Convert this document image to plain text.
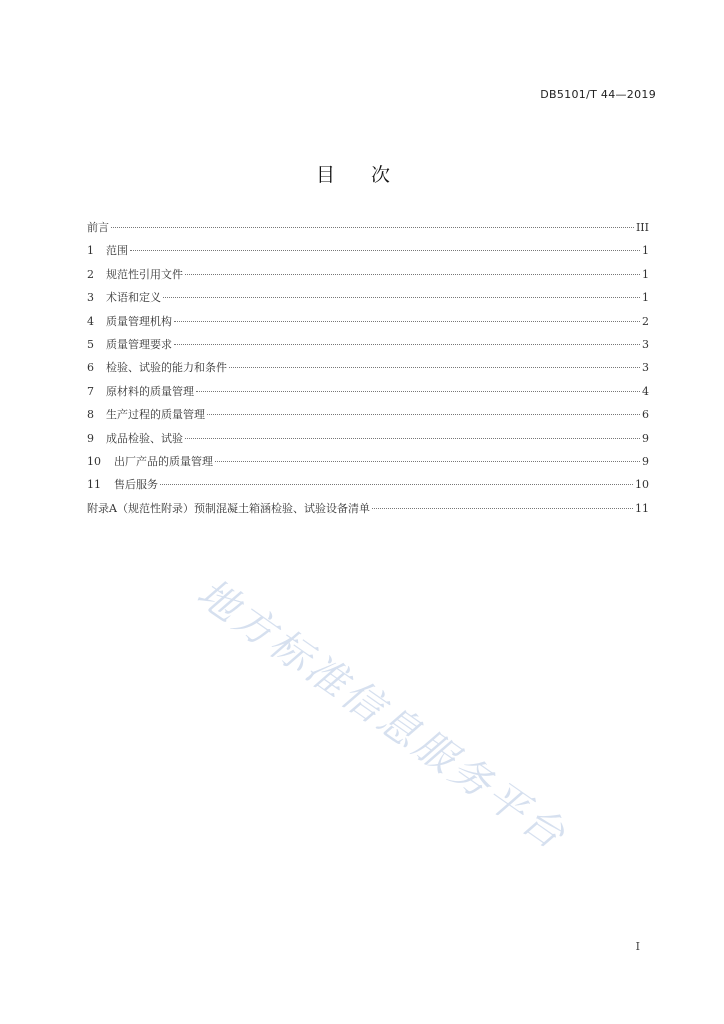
DB5101/T 44—2019
目次
前言	III
1	范围	1
2	规范性引用文件	1
3	术语和定义	1
4	质量管理机构	2
5	质量管理要求	3
6	检验、试验的能力和条件	3
7	原材料的质量管理	4
8	生产过程的质量管理	6
9	成品检验、试验	9
10	出厂产品的质量管理	9
11	售后服务	10
附录A（规范性附录）预制混凝土箱涵检验、试验设备清单	11
地方标准信息服务平台
I
